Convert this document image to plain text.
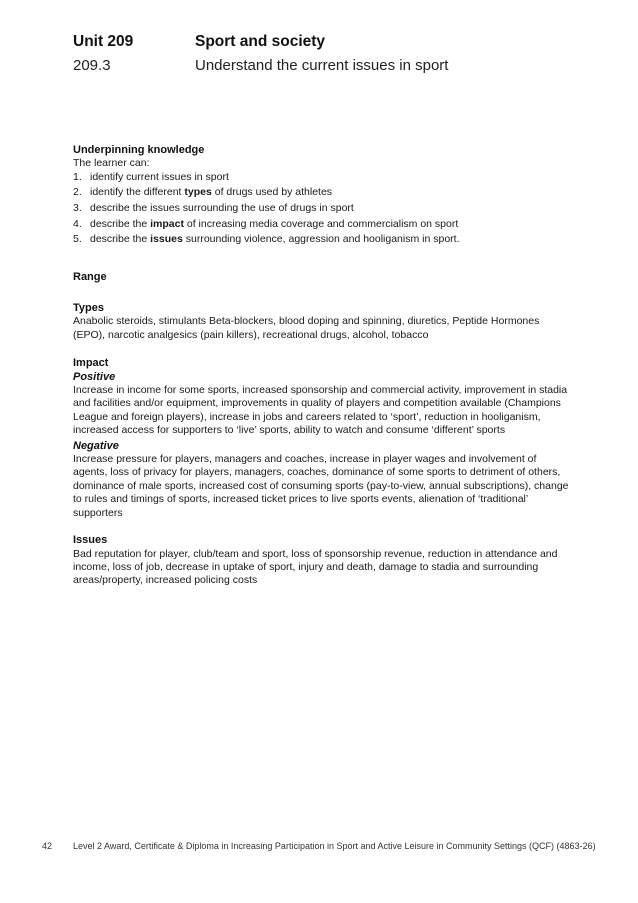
Unit 209	Sport and society
209.3	Understand the current issues in sport
Underpinning knowledge

The learner can:

1. identify current issues in sport
2. identify the different types of drugs used by athletes
3. describe the issues surrounding the use of drugs in sport
4. describe the impact of increasing media coverage and commercialism on sport
5. describe the issues surrounding violence, aggression and hooliganism in sport.
Range
Types

Anabolic steroids, stimulants Beta-blockers, blood doping and spinning, diuretics, Peptide Hormones (EPO), narcotic analgesics (pain killers), recreational drugs, alcohol, tobacco

Impact
Positive

Increase in income for some sports, increased sponsorship and commercial activity, improvement in stadia and facilities and/or equipment, improvements in quality of players and competition available (Champions League and foreign players), increase in jobs and careers related to ‘sport’, reduction in hooliganism, increased access for supporters to ‘live’ sports, ability to watch and consume ‘different’ sports

Negative

Increase pressure for players, managers and coaches, increase in player wages and involvement of agents, loss of privacy for players, managers, coaches, dominance of some sports to detriment of others, dominance of male sports, increased cost of consuming sports (pay-to-view, annual subscriptions), change to rules and timings of sports, increased ticket prices to live sports events, alienation of ‘traditional’ supporters

Issues

Bad reputation for player, club/team and sport, loss of sponsorship revenue, reduction in attendance and income, loss of job, decrease in uptake of sport, injury and death, damage to stadia and surrounding areas/property, increased policing costs

42	Level 2 Award, Certificate & Diploma in Increasing Participation in Sport and Active Leisure in Community Settings (QCF) (4863-26)
